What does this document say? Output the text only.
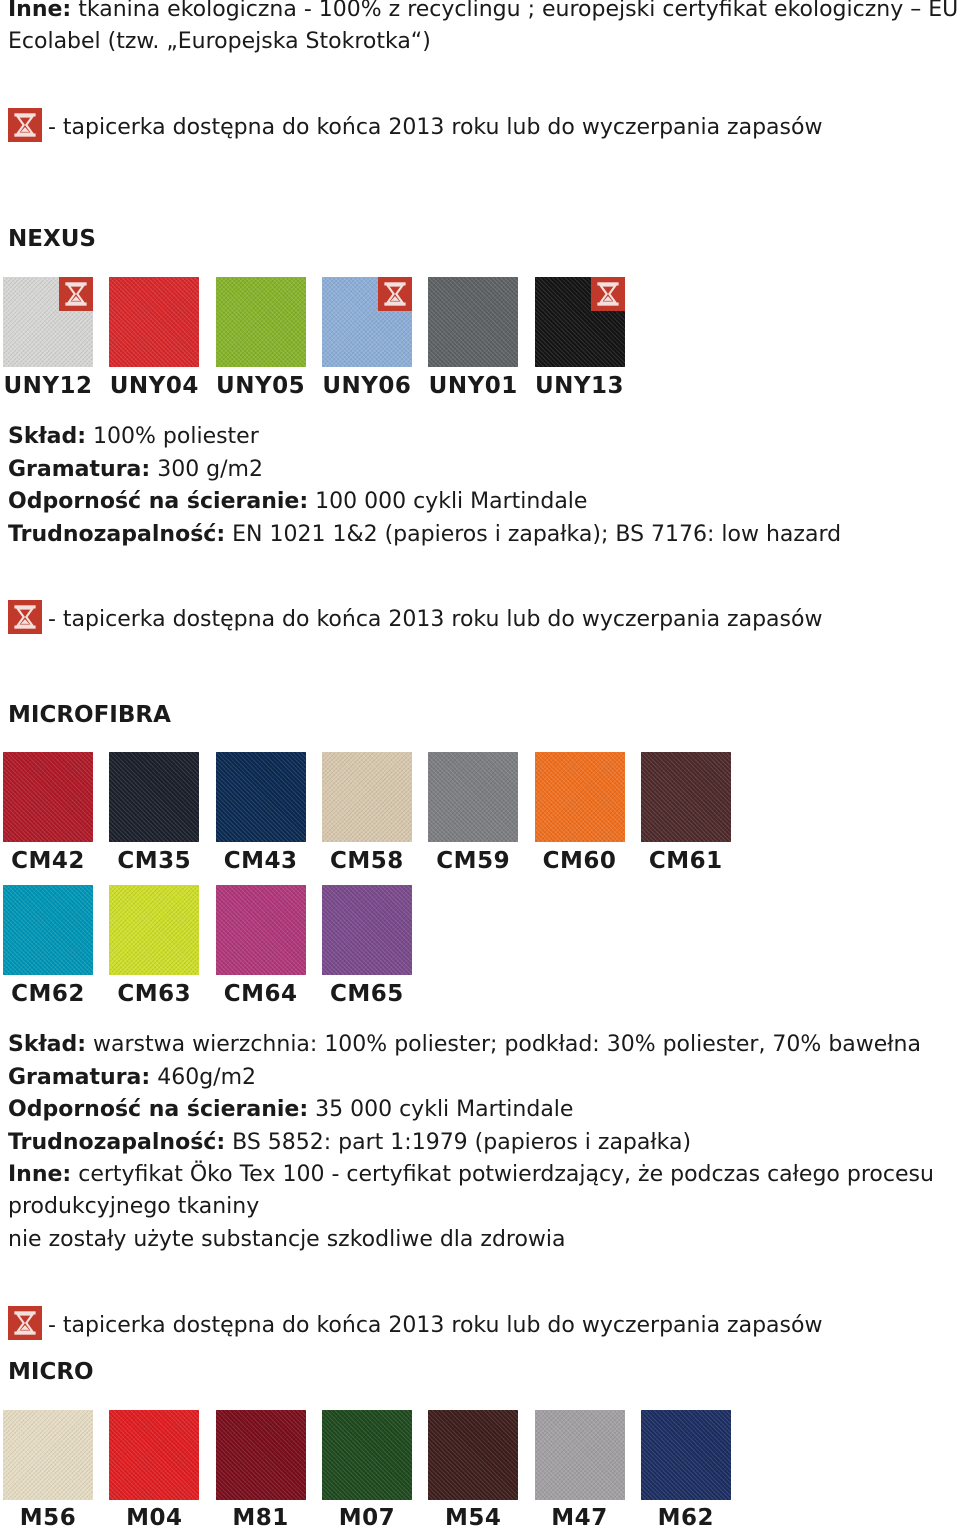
Inne: tkanina ekologiczna - 100% z recyclingu ; europejski certyfikat ekologiczny – EU
Ecolabel (tzw. „Europejska Stokrotka“)
- tapicerka dostępna do końca 2013 roku lub do wyczerpania zapasów
NEXUS
UNY12 UNY04 UNY05 UNY06 UNY01 UNY13
Skład: 100% poliester
Gramatura: 300 g/m2
Odporność na ścieranie: 100 000 cykli Martindale
Trudnozapalność: EN 1021 1&2 (papieros i zapałka); BS 7176: low hazard
- tapicerka dostępna do końca 2013 roku lub do wyczerpania zapasów
MICROFIBRA
CM42	CM35	CM43	CM58	CM59	CM60	CM61
CM62	CM63	CM64	CM65
Skład: warstwa wierzchnia: 100% poliester; podkład: 30% poliester, 70% bawełna
Gramatura: 460g/m2
Odporność na ścieranie: 35 000 cykli Martindale
Trudnozapalność: BS 5852: part 1:1979 (papieros i zapałka)
Inne: certyfikat Öko Tex 100 - certyfikat potwierdzający, że podczas całego procesu
produkcyjnego tkaniny
nie zostały użyte substancje szkodliwe dla zdrowia
- tapicerka dostępna do końca 2013 roku lub do wyczerpania zapasów
MICRO
M56	M04	M81	M07	M54	M47	M62
